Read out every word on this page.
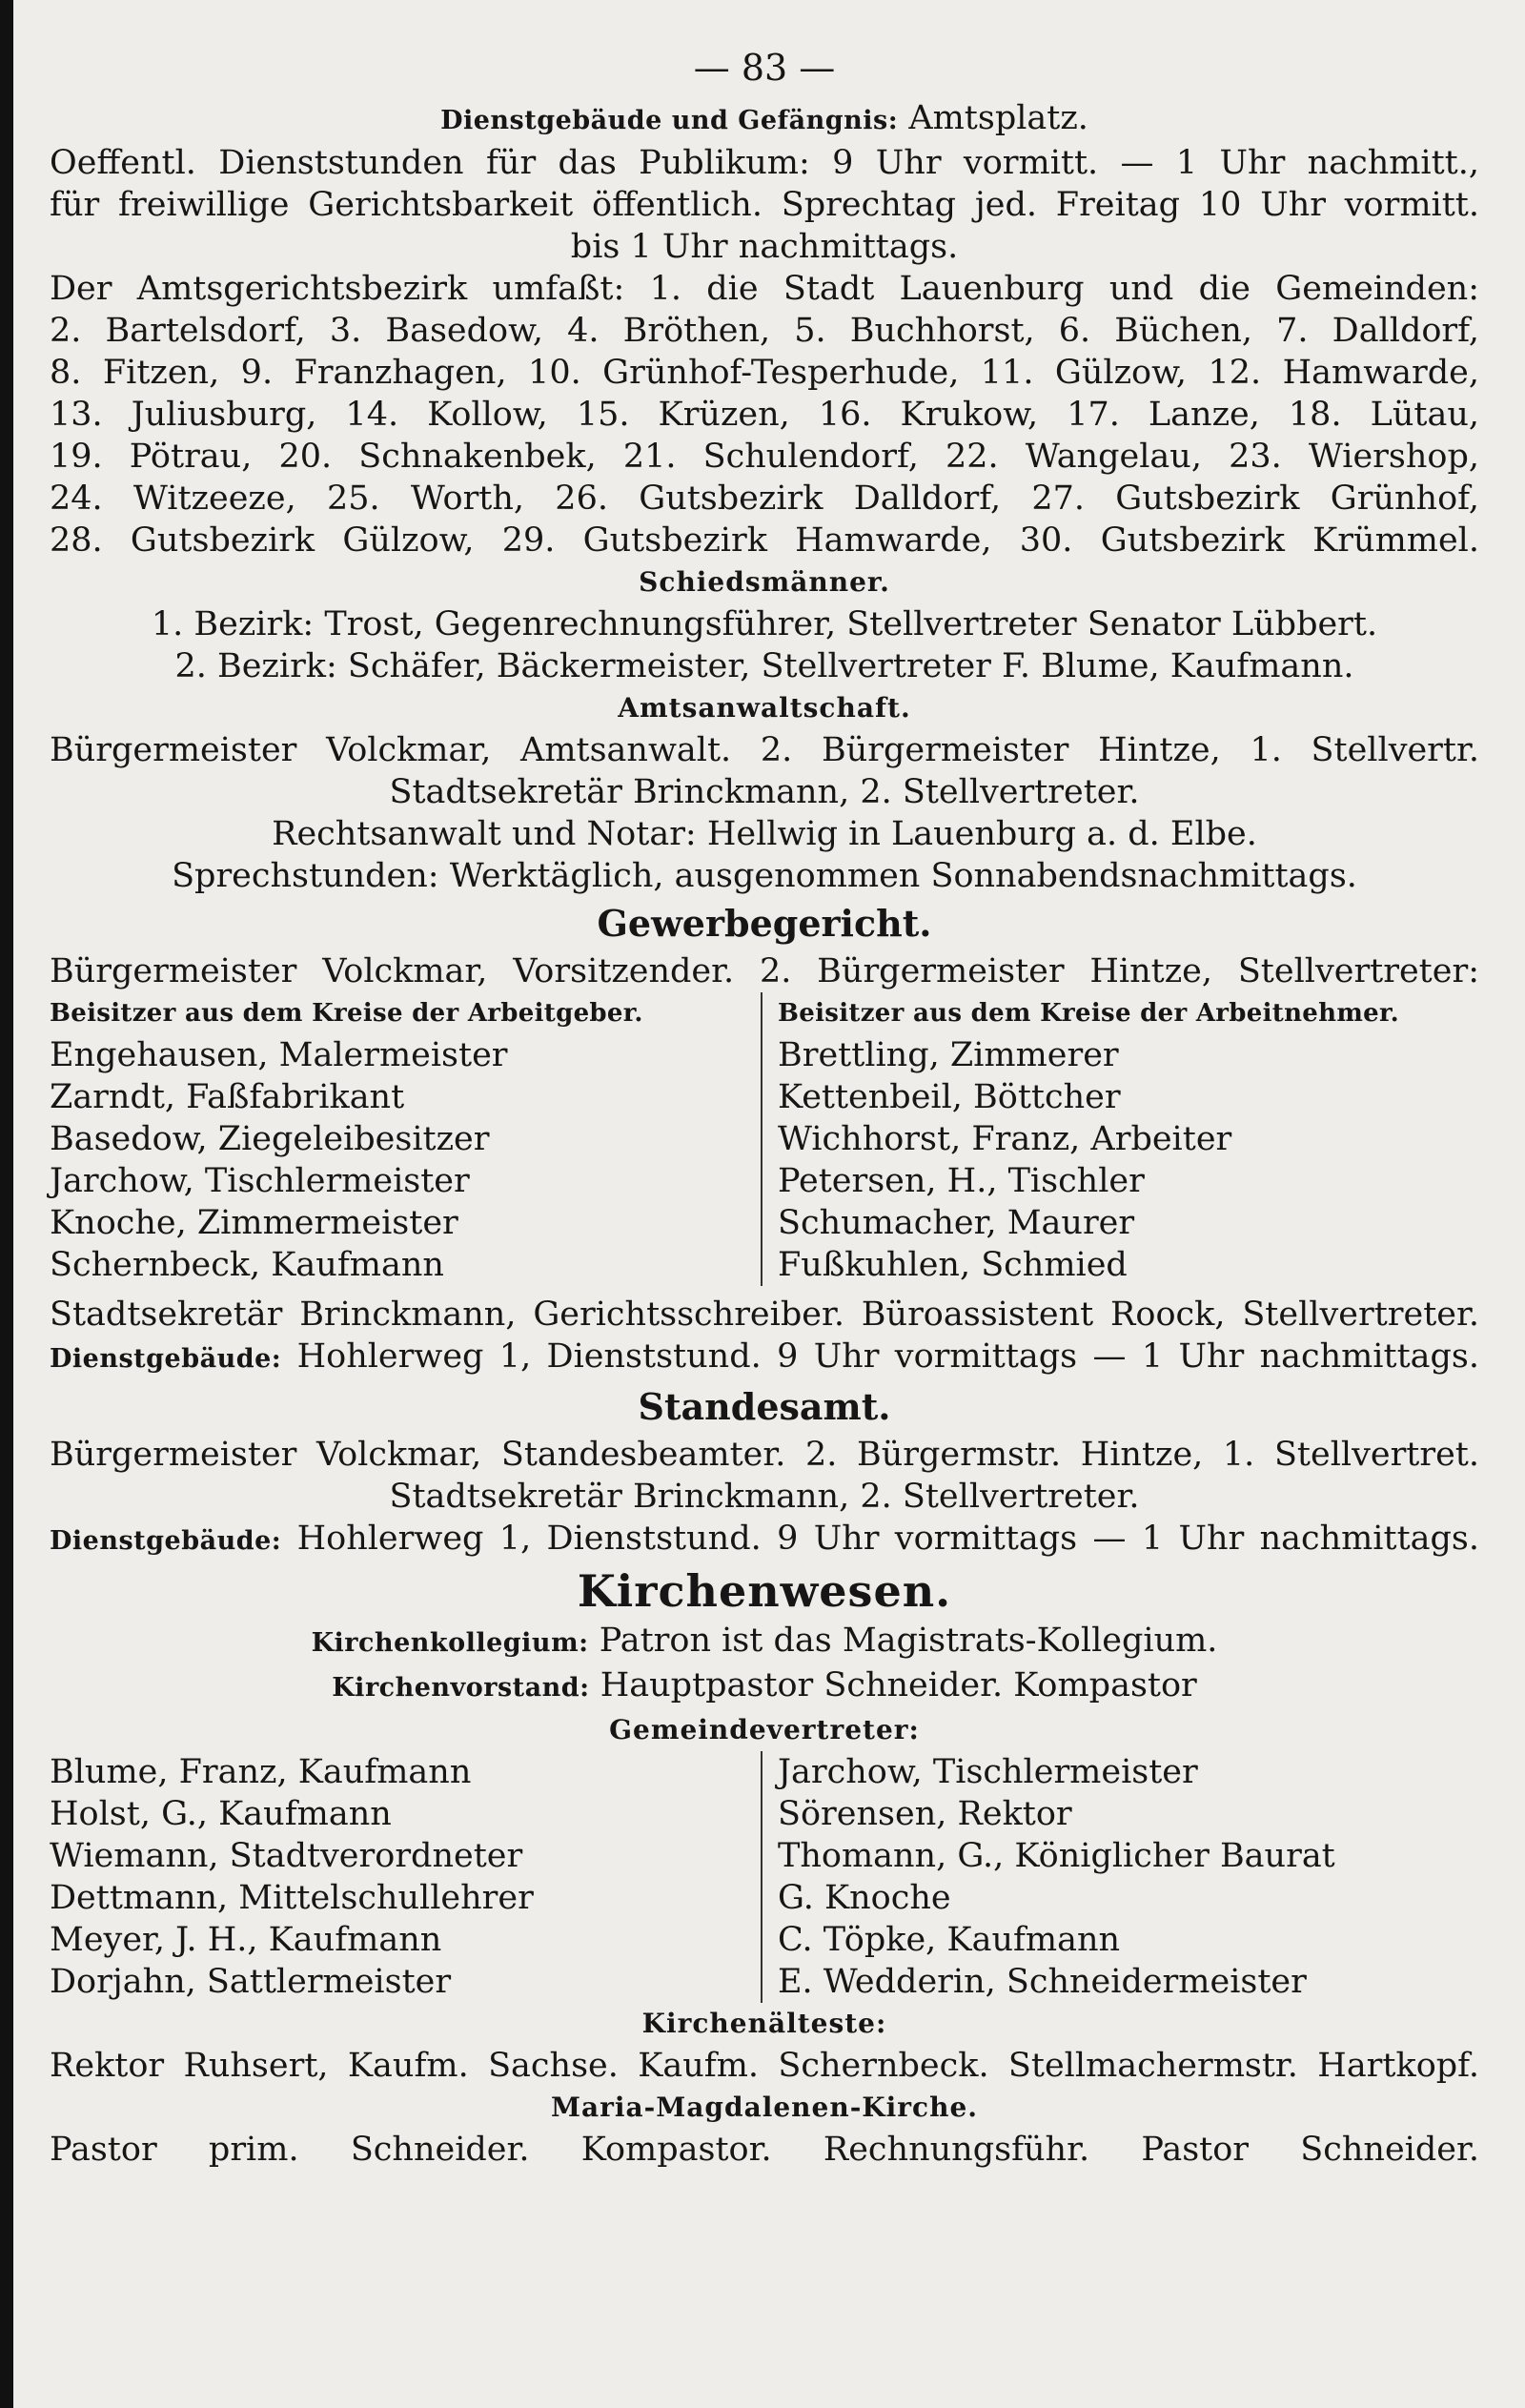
— 83 —
Dienstgebäude und Gefängnis: Amtsplatz.
Oeffentl. Dienststunden für das Publikum: 9 Uhr vormitt. — 1 Uhr nachmitt.,
für freiwillige Gerichtsbarkeit öffentlich. Sprechtag jed. Freitag 10 Uhr vormitt.
bis 1 Uhr nachmittags.
Der Amtsgerichtsbezirk umfaßt: 1. die Stadt Lauenburg und die Gemeinden:
2. Bartelsdorf, 3. Basedow, 4. Bröthen, 5. Buchhorst, 6. Büchen, 7. Dalldorf,
8. Fitzen, 9. Franzhagen, 10. Grünhof-Tesperhude, 11. Gülzow, 12. Hamwarde,
13. Juliusburg, 14. Kollow, 15. Krüzen, 16. Krukow, 17. Lanze, 18. Lütau,
19. Pötrau, 20. Schnakenbek, 21. Schulendorf, 22. Wangelau, 23. Wiershop,
24. Witzeeze, 25. Worth, 26. Gutsbezirk Dalldorf, 27. Gutsbezirk Grünhof,
28. Gutsbezirk Gülzow, 29. Gutsbezirk Hamwarde, 30. Gutsbezirk Krümmel.
Schiedsmänner.
1. Bezirk: Trost, Gegenrechnungsführer, Stellvertreter Senator Lübbert.
2. Bezirk: Schäfer, Bäckermeister, Stellvertreter F. Blume, Kaufmann.
Amtsanwaltschaft.
Bürgermeister Volckmar, Amtsanwalt. 2. Bürgermeister Hintze, 1. Stellvertr.
Stadtsekretär Brinckmann, 2. Stellvertreter.
Rechtsanwalt und Notar: Hellwig in Lauenburg a. d. Elbe.
Sprechstunden: Werktäglich, ausgenommen Sonnabendsnachmittags.
Gewerbegericht.
Bürgermeister Volckmar, Vorsitzender. 2. Bürgermeister Hintze, Stellvertreter:
Beisitzer aus dem Kreise der Arbeitgeber.
Engehausen, Malermeister
Zarndt, Faßfabrikant
Basedow, Ziegeleibesitzer
Jarchow, Tischlermeister
Knoche, Zimmermeister
Schernbeck, Kaufmann
Beisitzer aus dem Kreise der Arbeitnehmer.
Brettling, Zimmerer
Kettenbeil, Böttcher
Wichhorst, Franz, Arbeiter
Petersen, H., Tischler
Schumacher, Maurer
Fußkuhlen, Schmied
Stadtsekretär Brinckmann, Gerichtsschreiber. Büroassistent Roock, Stellvertreter.
Dienstgebäude: Hohlerweg 1, Dienststund. 9 Uhr vormittags — 1 Uhr nachmittags.
Standesamt.
Bürgermeister Volckmar, Standesbeamter. 2. Bürgermstr. Hintze, 1. Stellvertret.
Stadtsekretär Brinckmann, 2. Stellvertreter.
Dienstgebäude: Hohlerweg 1, Dienststund. 9 Uhr vormittags — 1 Uhr nachmittags.
Kirchenwesen.
Kirchenkollegium: Patron ist das Magistrats-Kollegium.
Kirchenvorstand: Hauptpastor Schneider. Kompastor
Gemeindevertreter:
Blume, Franz, Kaufmann
Holst, G., Kaufmann
Wiemann, Stadtverordneter
Dettmann, Mittelschullehrer
Meyer, J. H., Kaufmann
Dorjahn, Sattlermeister
Jarchow, Tischlermeister
Sörensen, Rektor
Thomann, G., Königlicher Baurat
G. Knoche
C. Töpke, Kaufmann
E. Wedderin, Schneidermeister
Kirchenälteste:
Rektor Ruhsert, Kaufm. Sachse. Kaufm. Schernbeck. Stellmachermstr. Hartkopf.
Maria-Magdalenen-Kirche.
Pastor prim. Schneider. Kompastor. Rechnungsführ. Pastor Schneider.
